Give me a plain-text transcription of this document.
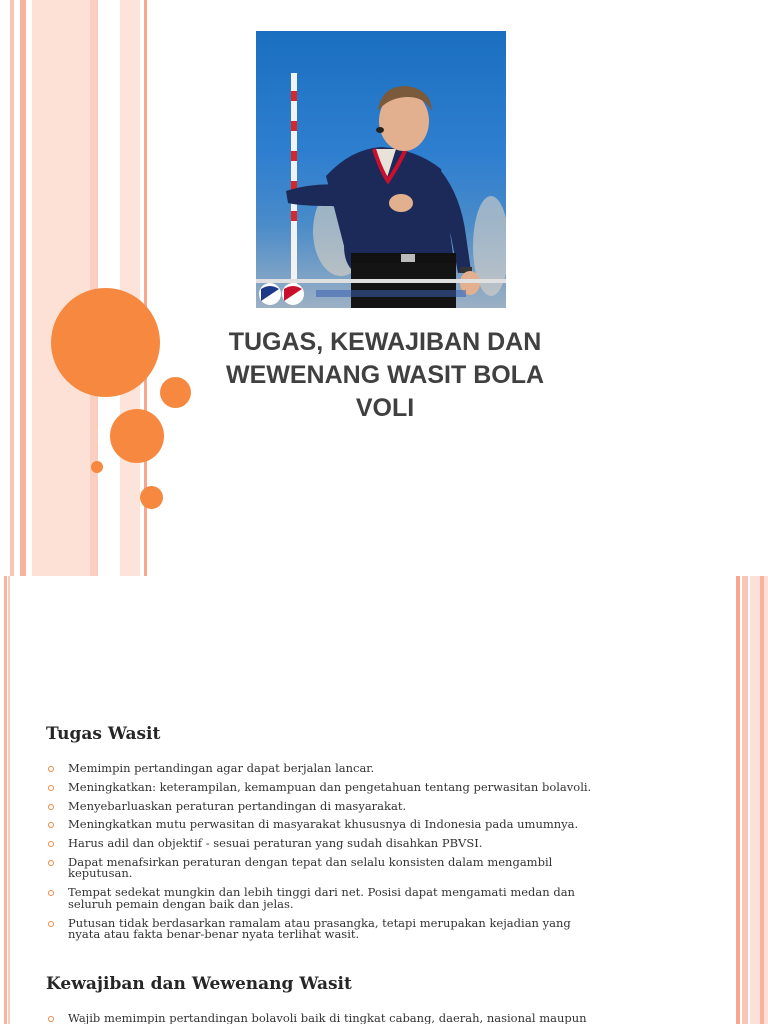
TUGAS, KEWAJIBAN DAN
WEWENANG WASIT BOLA
VOLI
Tugas Wasit
Memimpin pertandingan agar dapat berjalan lancar.
Meningkatkan: keterampilan, kemampuan dan pengetahuan tentang perwasitan bolavoli.
Menyebarluaskan peraturan pertandingan di masyarakat.
Meningkatkan mutu perwasitan di masyarakat khususnya di Indonesia pada umumnya.
Harus adil dan objektif - sesuai peraturan yang sudah disahkan PBVSI.
Dapat menafsirkan peraturan dengan tepat dan selalu konsisten dalam mengambil
keputusan.
Tempat sedekat mungkin dan lebih tinggi dari net. Posisi dapat mengamati medan dan
seluruh pemain dengan baik dan jelas.
Putusan tidak berdasarkan ramalam atau prasangka, tetapi merupakan kejadian yang
nyata atau fakta benar-benar nyata terlihat wasit.
Kewajiban dan Wewenang Wasit
Wajib memimpin pertandingan bolavoli baik di tingkat cabang, daerah, nasional maupun
